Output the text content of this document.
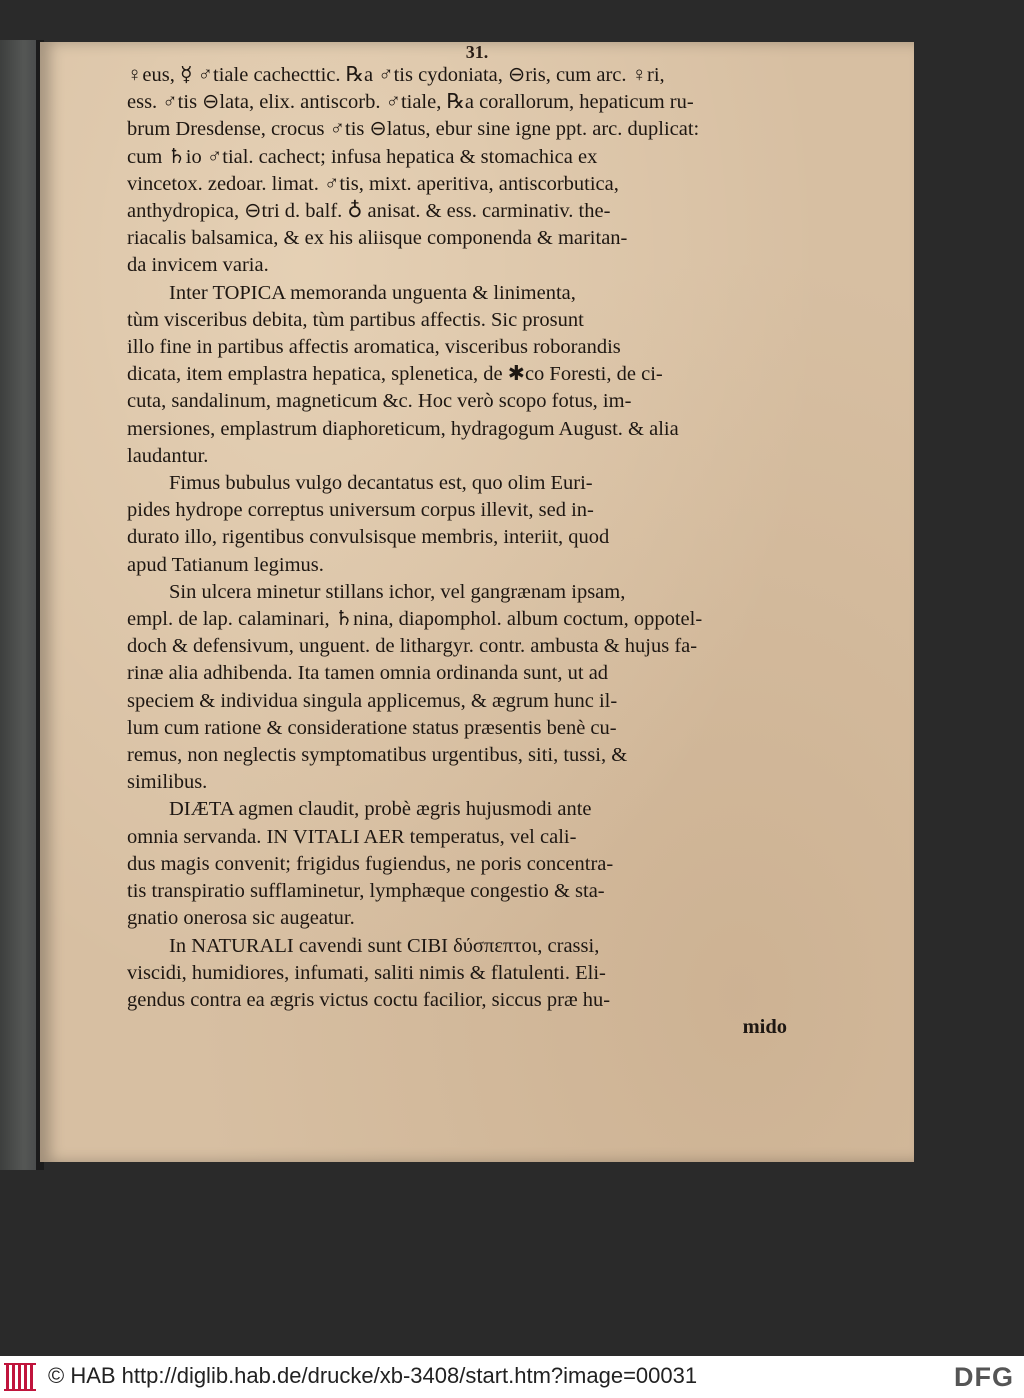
31.
♀eus, ☿ ♂tiale cachecttic. ℞a ♂tis cydoniata, ⊖ris, cum arc. ♀ri,
ess. ♂tis ⊖lata, elix. antiscorb. ♂tiale, ℞a corallorum, hepaticum ru-
brum Dresdense, crocus ♂tis ⊖latus, ebur sine igne ppt. arc. duplicat:
cum ♄io ♂tial. cachect; infusa hepatica & stomachica ex
vincetox. zedoar. limat. ♂tis, mixt. aperitiva, antiscorbutica,
anthydropica, ⊖tri d. balf. ♁ anisat. & ess. carminativ. the-
riacalis balsamica, & ex his aliisque componenda & maritan-
da invicem varia.
Inter TOPICA memoranda unguenta & linimenta,
tùm visceribus debita, tùm partibus affectis. Sic prosunt
illo fine in partibus affectis aromatica, visceribus roborandis
dicata, item emplastra hepatica, splenetica, de ✱co Foresti, de ci-
cuta, sandalinum, magneticum &c. Hoc verò scopo fotus, im-
mersiones, emplastrum diaphoreticum, hydragogum August. & alia
laudantur.
Fimus bubulus vulgo decantatus est, quo olim Euri-
pides hydrope correptus universum corpus illevit, sed in-
durato illo, rigentibus convulsisque membris, interiit, quod
apud Tatianum legimus.
Sin ulcera minetur stillans ichor, vel gangrænam ipsam,
empl. de lap. calaminari, ♄nina, diapomphol. album coctum, oppotel-
doch & defensivum, unguent. de lithargyr. contr. ambusta & hujus fa-
rinæ alia adhibenda. Ita tamen omnia ordinanda sunt, ut ad
speciem & individua singula applicemus, & ægrum hunc il-
lum cum ratione & consideratione status præsentis benè cu-
remus, non neglectis symptomatibus urgentibus, siti, tussi, &
similibus.
DIÆTA agmen claudit, probè ægris hujusmodi ante
omnia servanda. IN VITALI AER temperatus, vel cali-
dus magis convenit; frigidus fugiendus, ne poris concentra-
tis transpiratio sufflaminetur, lymphæque congestio & sta-
gnatio onerosa sic augeatur.
In NATURALI cavendi sunt CIBI δύσπεπτοι, crassi,
viscidi, humidiores, infumati, saliti nimis & flatulenti. Eli-
gendus contra ea ægris victus coctu facilior, siccus præ hu-
mido
© HAB http://diglib.hab.de/drucke/xb-3408/start.htm?image=00031	DFG
